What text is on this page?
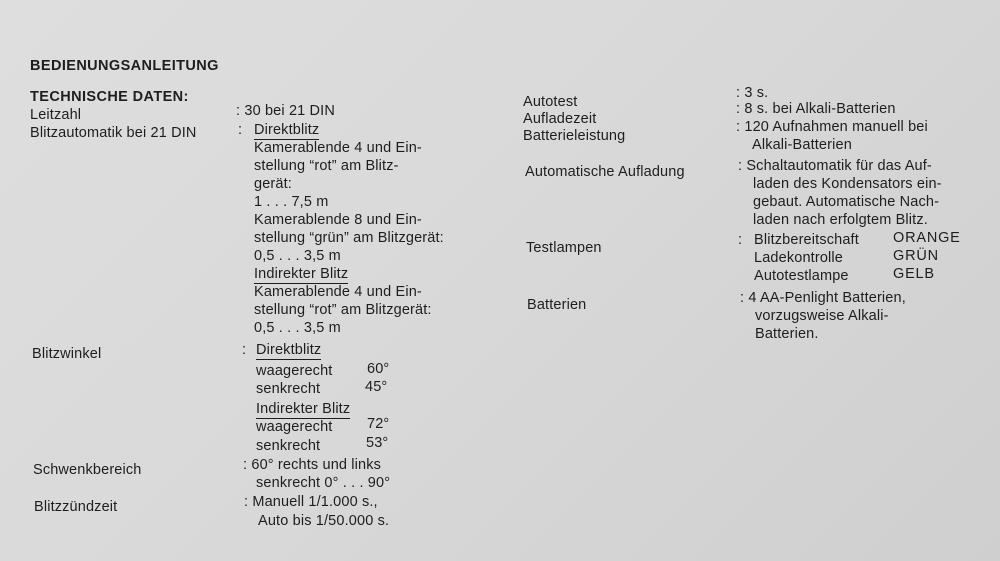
BEDIENUNGSANLEITUNG
TECHNISCHE DATEN:
Leitzahl	: 30 bei 21 DIN
Blitzautomatik bei 21 DIN	: Direktblitz
Kamerablende 4 und Ein-
stellung “rot” am Blitz-
gerät:
1 . . . 7,5 m
Kamerablende 8 und Ein-
stellung “grün” am Blitzgerät:
0,5 . . . 3,5 m
Indirekter Blitz
Kamerablende 4 und Ein-
stellung “rot” am Blitzgerät:
0,5 . . . 3,5 m
Blitzwinkel	: Direktblitz
waagerecht 60°
senkrecht	45°
Indirekter Blitz
waagerecht 72°
senkrecht	53°
Schwenkbereich	: 60° rechts und links
senkrecht 0° . . . 90°
Blitzzündzeit	: Manuell 1/1.000 s.,
Auto bis 1/50.000 s.
Autotest
: 3 s.
Aufladezeit
: 8 s. bei Alkali-Batterien
Batterieleistung
: 120 Aufnahmen manuell bei
Alkali-Batterien
Automatische Aufladung	: Schaltautomatik für das Auf-
laden des Kondensators ein-
gebaut. Automatische Nach-
laden nach erfolgtem Blitz.
Testlampen	: Blitzbereitschaft ORANGE
Ladekontrolle	GRÜN
Autotestlampe	GELB
Batterien	: 4 AA-Penlight Batterien,
vorzugsweise Alkali-
Batterien.
